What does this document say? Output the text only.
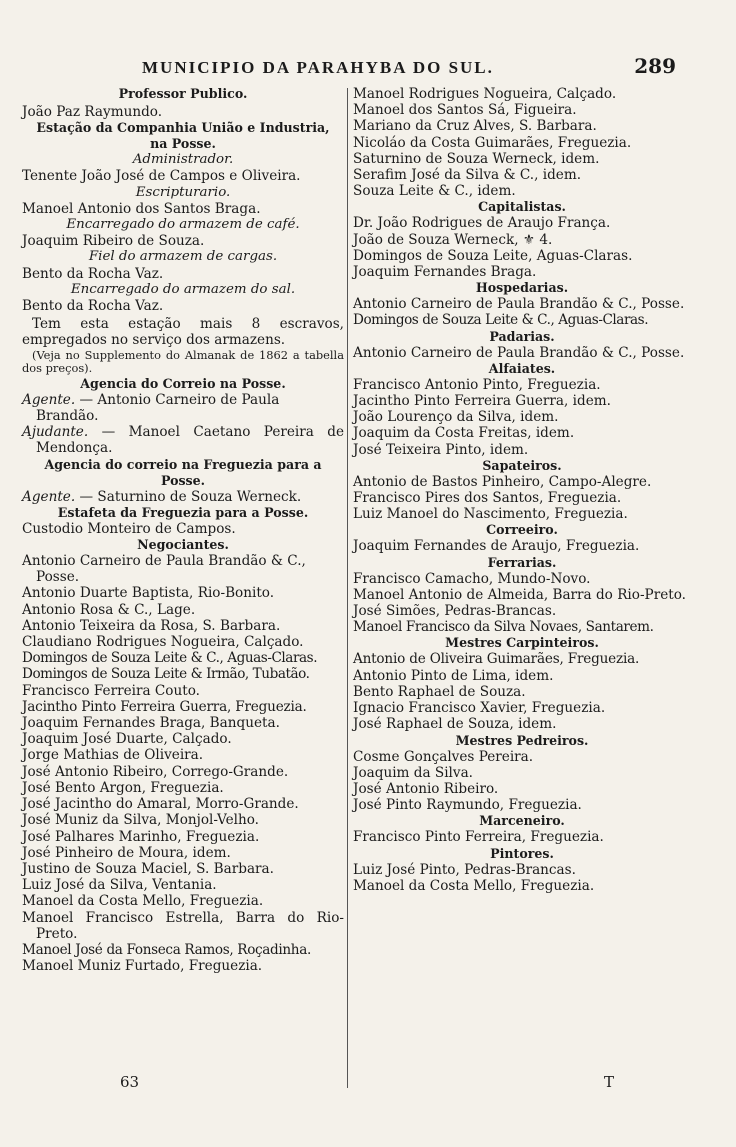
MUNICIPIO DA PARAHYBA DO SUL.	289
Professor Publico.
João Paz Raymundo.
Estação da Companhia União e Industria, na Posse.
Administrador.
Tenente João José de Campos e Oliveira.
Escripturario.
Manoel Antonio dos Santos Braga.
Encarregado do armazem de café.
Joaquim Ribeiro de Souza.
Fiel do armazem de cargas.
Bento da Rocha Vaz.
Encarregado do armazem do sal.
Bento da Rocha Vaz.
Tem esta estação mais 8 escravos, empregados no serviço dos armazens.
(Veja no Supplemento do Almanak de 1862 a tabella dos preços).
Agencia do Correio na Posse.
Agente. — Antonio Carneiro de Paula Brandão.
Ajudante. — Manoel Caetano Pereira de Mendonça.
Agencia do correio na Freguezia para a Posse.
Agente. — Saturnino de Souza Werneck.
Estafeta da Freguezia para a Posse.
Custodio Monteiro de Campos.
Negociantes.
Antonio Carneiro de Paula Brandão & C., Posse.
Antonio Duarte Baptista, Rio-Bonito.
Antonio Rosa & C., Lage.
Antonio Teixeira da Rosa, S. Barbara.
Claudiano Rodrigues Nogueira, Calçado.
Domingos de Souza Leite & C., Aguas-Claras.
Domingos de Souza Leite & Irmão, Tubatão.
Francisco Ferreira Couto.
Jacintho Pinto Ferreira Guerra, Freguezia.
Joaquim Fernandes Braga, Banqueta.
Joaquim José Duarte, Calçado.
Jorge Mathias de Oliveira.
José Antonio Ribeiro, Corrego-Grande.
José Bento Argon, Freguezia.
José Jacintho do Amaral, Morro-Grande.
José Muniz da Silva, Monjol-Velho.
José Palhares Marinho, Freguezia.
José Pinheiro de Moura, idem.
Justino de Souza Maciel, S. Barbara.
Luiz José da Silva, Ventania.
Manoel da Costa Mello, Freguezia.
Manoel Francisco Estrella, Barra do Rio-Preto.
Manoel José da Fonseca Ramos, Roçadinha.
Manoel Muniz Furtado, Freguezia.
Manoel Rodrigues Nogueira, Calçado.
Manoel dos Santos Sá, Figueira.
Mariano da Cruz Alves, S. Barbara.
Nicoláo da Costa Guimarães, Freguezia.
Saturnino de Souza Werneck, idem.
Serafim José da Silva & C., idem.
Souza Leite & C., idem.
Capitalistas.
Dr. João Rodrigues de Araujo França.
João de Souza Werneck, ⚜ 4.
Domingos de Souza Leite, Aguas-Claras.
Joaquim Fernandes Braga.
Hospedarias.
Antonio Carneiro de Paula Brandão & C., Posse.
Domingos de Souza Leite & C., Aguas-Claras.
Padarias.
Antonio Carneiro de Paula Brandão & C., Posse.
Alfaiates.
Francisco Antonio Pinto, Freguezia.
Jacintho Pinto Ferreira Guerra, idem.
João Lourenço da Silva, idem.
Joaquim da Costa Freitas, idem.
José Teixeira Pinto, idem.
Sapateiros.
Antonio de Bastos Pinheiro, Campo-Alegre.
Francisco Pires dos Santos, Freguezia.
Luiz Manoel do Nascimento, Freguezia.
Correeiro.
Joaquim Fernandes de Araujo, Freguezia.
Ferrarias.
Francisco Camacho, Mundo-Novo.
Manoel Antonio de Almeida, Barra do Rio-Preto.
José Simões, Pedras-Brancas.
Manoel Francisco da Silva Novaes, Santarem.
Mestres Carpinteiros.
Antonio de Oliveira Guimarães, Freguezia.
Antonio Pinto de Lima, idem.
Bento Raphael de Souza.
Ignacio Francisco Xavier, Freguezia.
José Raphael de Souza, idem.
Mestres Pedreiros.
Cosme Gonçalves Pereira.
Joaquim da Silva.
José Antonio Ribeiro.
José Pinto Raymundo, Freguezia.
Marceneiro.
Francisco Pinto Ferreira, Freguezia.
Pintores.
Luiz José Pinto, Pedras-Brancas.
Manoel da Costa Mello, Freguezia.
63	T
